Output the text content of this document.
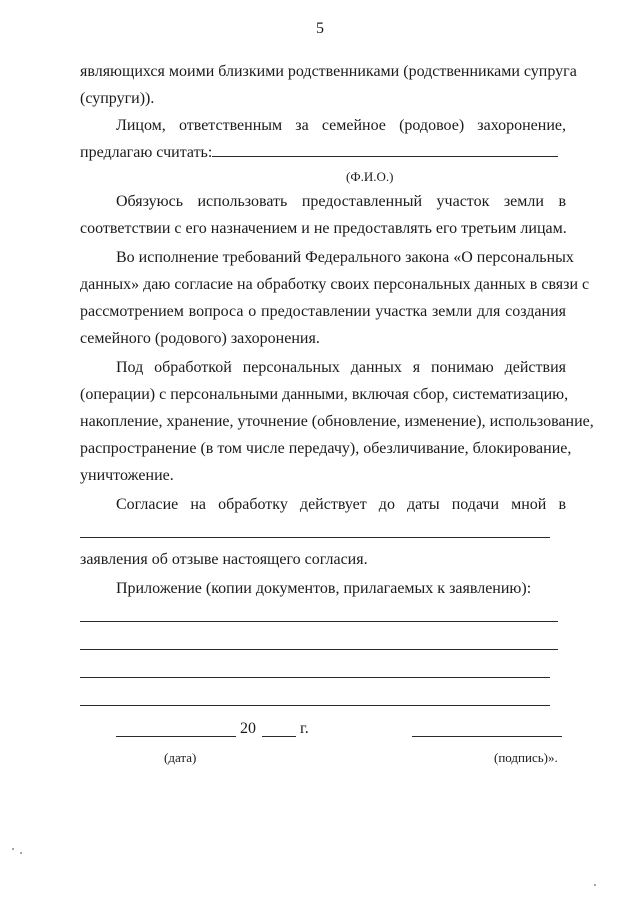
5
являющихся моими близкими родственниками (родственниками супруга
(супруги)).
Лицом, ответственным за семейное (родовое) захоронение,
предлагаю считать:
(Ф.И.О.)
Обязуюсь использовать предоставленный участок земли в
соответствии с его назначением и не предоставлять его третьим лицам.
Во исполнение требований Федерального закона «О персональных
данных» даю согласие на обработку своих персональных данных в связи с
рассмотрением вопроса о предоставлении участка земли для создания
семейного (родового) захоронения.
Под обработкой персональных данных я понимаю действия
(операции) с персональными данными, включая сбор, систематизацию,
накопление, хранение, уточнение (обновление, изменение), использование,
распространение (в том числе передачу), обезличивание, блокирование,
уничтожение.
Согласие на обработку действует до даты подачи мной в
заявления об отзыве настоящего согласия.
Приложение (копии документов, прилагаемых к заявлению):
20	г.
(дата)	(подпись)».
